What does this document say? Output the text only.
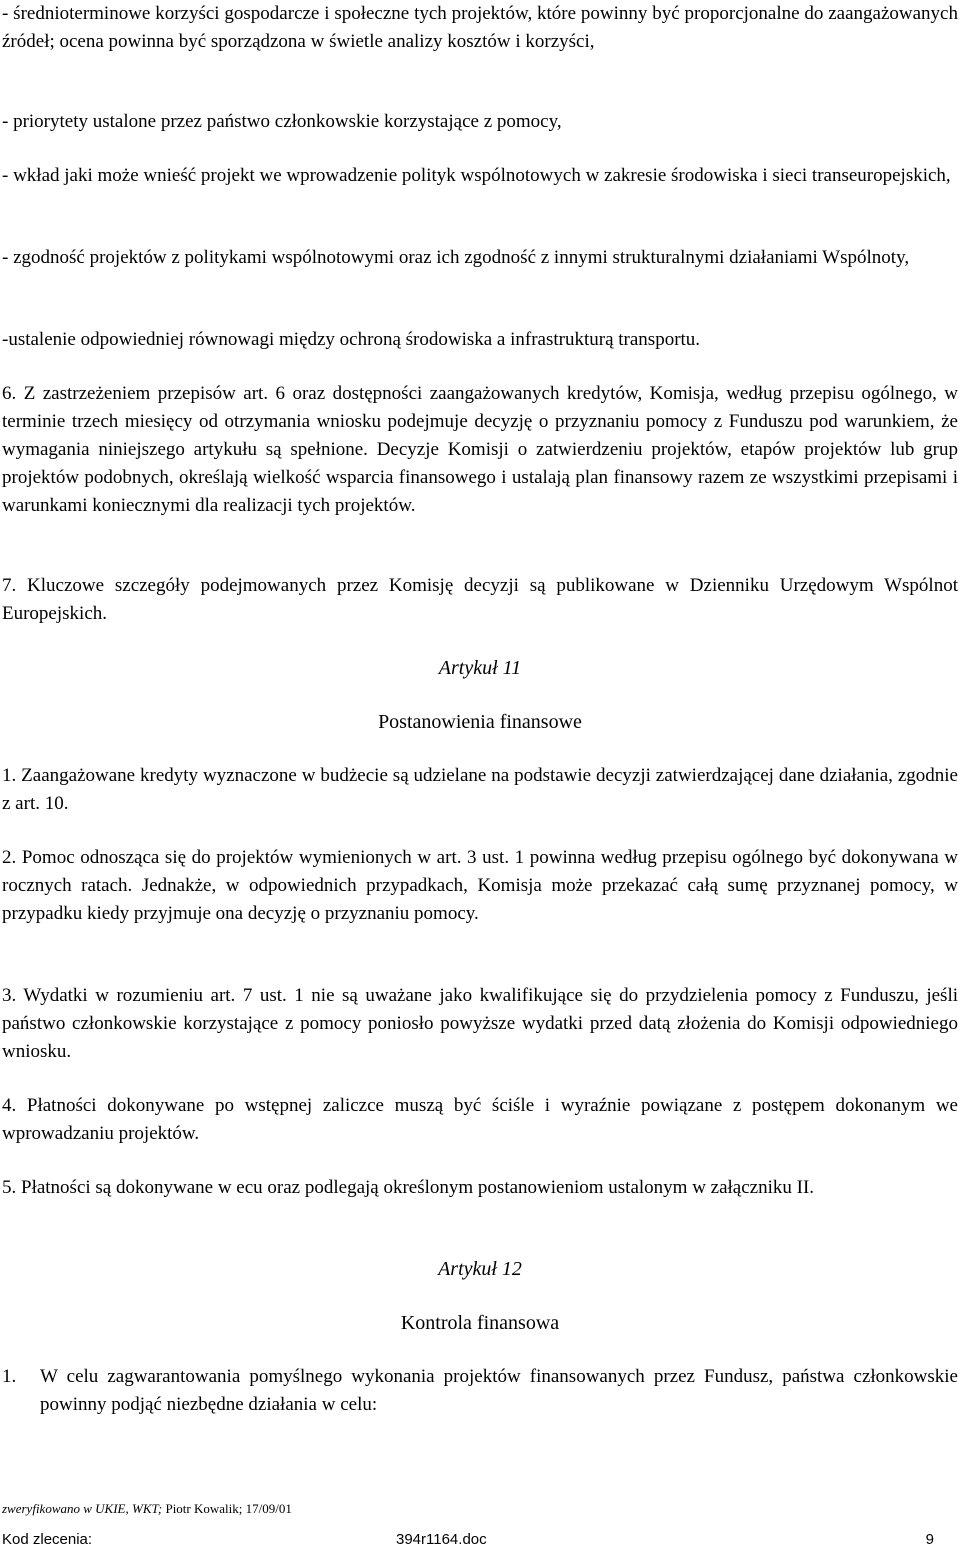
- średnioterminowe korzyści gospodarcze i społeczne tych projektów, które powinny być proporcjonalne do zaangażowanych źródeł; ocena powinna być sporządzona w świetle analizy kosztów i korzyści,
- priorytety ustalone przez państwo członkowskie korzystające z pomocy,
- wkład jaki może wnieść projekt we wprowadzenie polityk wspólnotowych w zakresie środowiska i sieci transeuropejskich,
- zgodność projektów z politykami wspólnotowymi oraz ich zgodność z innymi strukturalnymi działaniami Wspólnoty,
-ustalenie odpowiedniej równowagi między ochroną środowiska a infrastrukturą transportu.
6. Z zastrzeżeniem przepisów art. 6 oraz dostępności zaangażowanych kredytów, Komisja, według przepisu ogólnego, w terminie trzech miesięcy od otrzymania wniosku podejmuje decyzję o przyznaniu pomocy z Funduszu pod warunkiem, że wymagania niniejszego artykułu są spełnione. Decyzje Komisji o zatwierdzeniu projektów, etapów projektów lub grup projektów podobnych, określają wielkość wsparcia finansowego i ustalają plan finansowy razem ze wszystkimi przepisami i warunkami koniecznymi dla realizacji tych projektów.
7. Kluczowe szczegóły podejmowanych przez Komisję decyzji są publikowane w Dzienniku Urzędowym Wspólnot Europejskich.
Artykuł 11
Postanowienia finansowe
1. Zaangażowane kredyty wyznaczone w budżecie są udzielane na podstawie decyzji zatwierdzającej dane działania, zgodnie z art. 10.
2. Pomoc odnosząca się do projektów wymienionych w art. 3 ust. 1 powinna według przepisu ogólnego być dokonywana w rocznych ratach. Jednakże, w odpowiednich przypadkach, Komisja może przekazać całą sumę przyznanej pomocy, w przypadku kiedy przyjmuje ona decyzję o przyznaniu pomocy.
3. Wydatki w rozumieniu art. 7 ust. 1 nie są uważane jako kwalifikujące się do przydzielenia pomocy z Funduszu, jeśli państwo członkowskie korzystające z pomocy poniosło powyższe wydatki przed datą złożenia do Komisji odpowiedniego wniosku.
4. Płatności dokonywane po wstępnej zaliczce muszą być ściśle i wyraźnie powiązane z postępem dokonanym we wprowadzaniu projektów.
5. Płatności są dokonywane w ecu oraz podlegają określonym postanowieniom ustalonym w załączniku II.
Artykuł 12
Kontrola finansowa
1. W celu zagwarantowania pomyślnego wykonania projektów finansowanych przez Fundusz, państwa członkowskie powinny podjąć niezbędne działania w celu:
zweryfikowano w UKIE, WKT; Piotr Kowalik; 17/09/01
Kod zlecenia:	394r1164.doc	9
